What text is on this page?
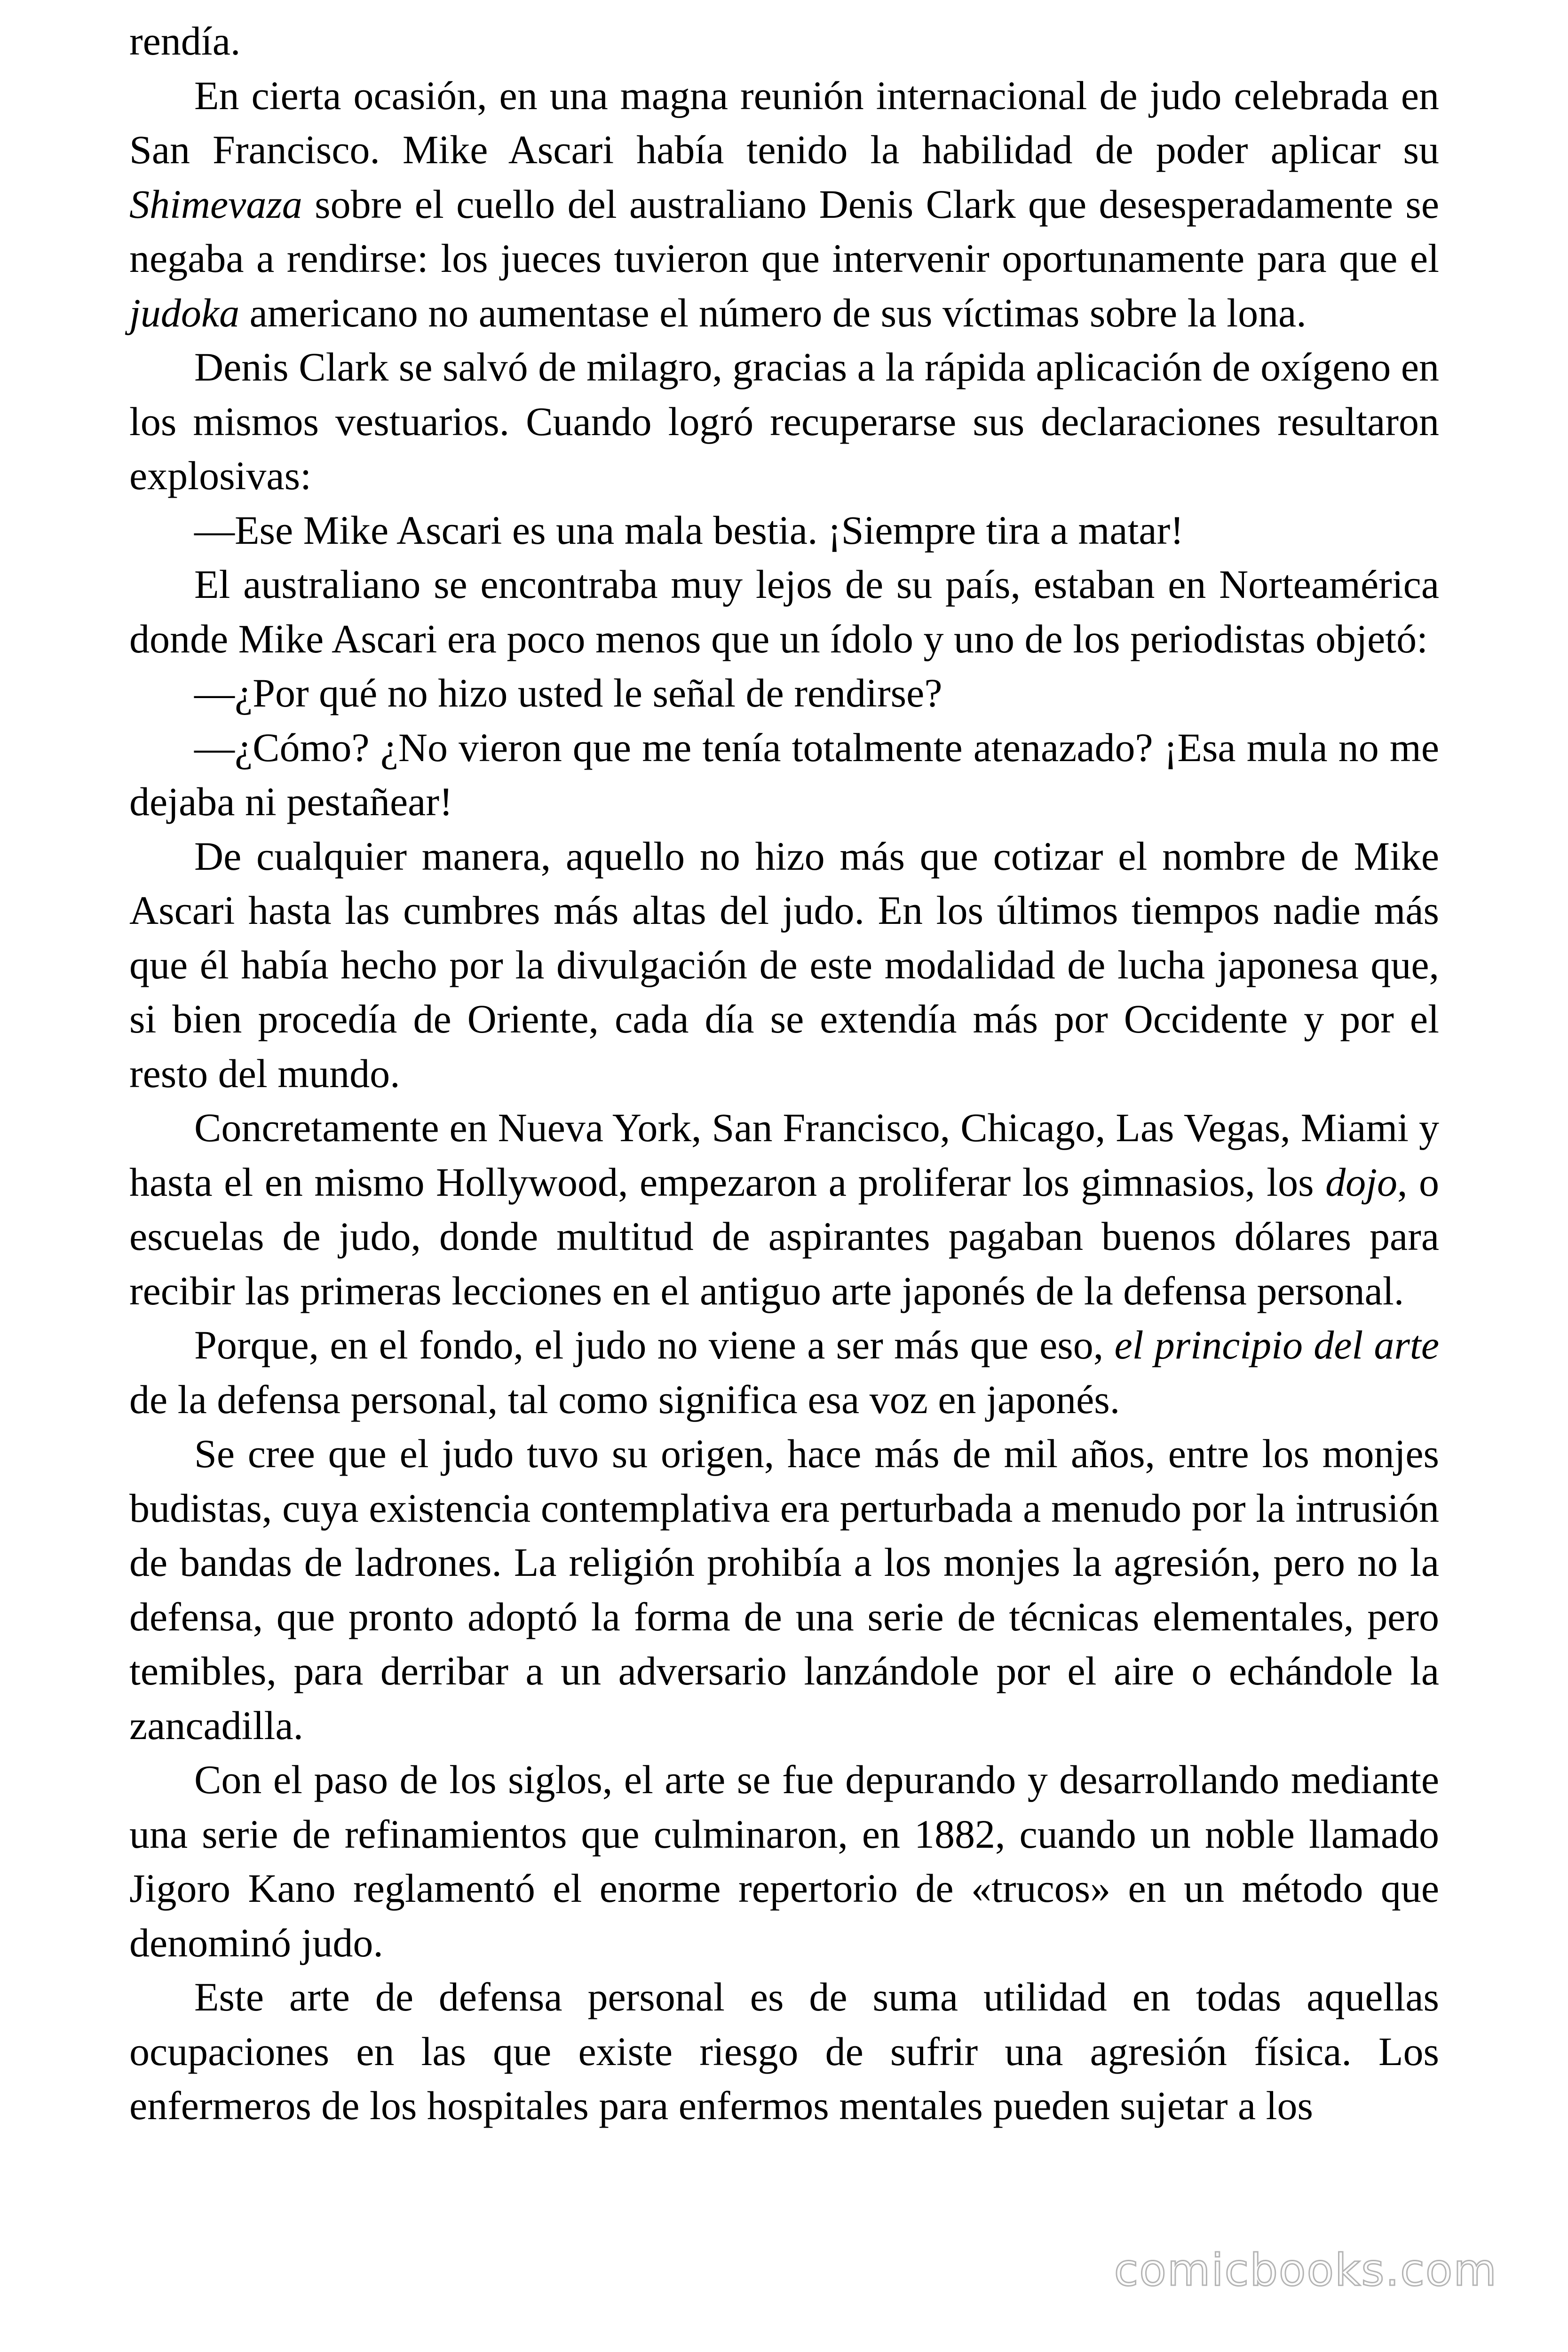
rendía.

En cierta ocasión, en una magna reunión internacional de judo celebrada en San Francisco. Mike Ascari había tenido la habilidad de poder aplicar su Shimevaza sobre el cuello del australiano Denis Clark que desesperadamente se negaba a rendirse: los jueces tuvieron que intervenir oportunamente para que el judoka americano no aumentase el número de sus víctimas sobre la lona.

Denis Clark se salvó de milagro, gracias a la rápida aplicación de oxígeno en los mismos vestuarios. Cuando logró recuperarse sus declaraciones resultaron explosivas:

—Ese Mike Ascari es una mala bestia. ¡Siempre tira a matar!

El australiano se encontraba muy lejos de su país, estaban en Norteamérica donde Mike Ascari era poco menos que un ídolo y uno de los periodistas objetó:

—¿Por qué no hizo usted le señal de rendirse?

—¿Cómo? ¿No vieron que me tenía totalmente atenazado? ¡Esa mula no me dejaba ni pestañear!

De cualquier manera, aquello no hizo más que cotizar el nombre de Mike Ascari hasta las cumbres más altas del judo. En los últimos tiempos nadie más que él había hecho por la divulgación de este modalidad de lucha japonesa que, si bien procedía de Oriente, cada día se extendía más por Occidente y por el resto del mundo.

Concretamente en Nueva York, San Francisco, Chicago, Las Vegas, Miami y hasta el en mismo Hollywood, empezaron a proliferar los gimnasios, los dojo, o escuelas de judo, donde multitud de aspirantes pagaban buenos dólares para recibir las primeras lecciones en el antiguo arte japonés de la defensa personal.

Porque, en el fondo, el judo no viene a ser más que eso, el principio del arte de la defensa personal, tal como significa esa voz en japonés.

Se cree que el judo tuvo su origen, hace más de mil años, entre los monjes budistas, cuya existencia contemplativa era perturbada a menudo por la intrusión de bandas de ladrones. La religión prohibía a los monjes la agresión, pero no la defensa, que pronto adoptó la forma de una serie de técnicas elementales, pero temibles, para derribar a un adversario lanzándole por el aire o echándole la zancadilla.

Con el paso de los siglos, el arte se fue depurando y desarrollando mediante una serie de refinamientos que culminaron, en 1882, cuando un noble llamado Jigoro Kano reglamentó el enorme repertorio de «trucos» en un método que denominó judo.

Este arte de defensa personal es de suma utilidad en todas aquellas ocupaciones en las que existe riesgo de sufrir una agresión física. Los enfermeros de los hospitales para enfermos mentales pueden sujetar a los

comicbooks.com
